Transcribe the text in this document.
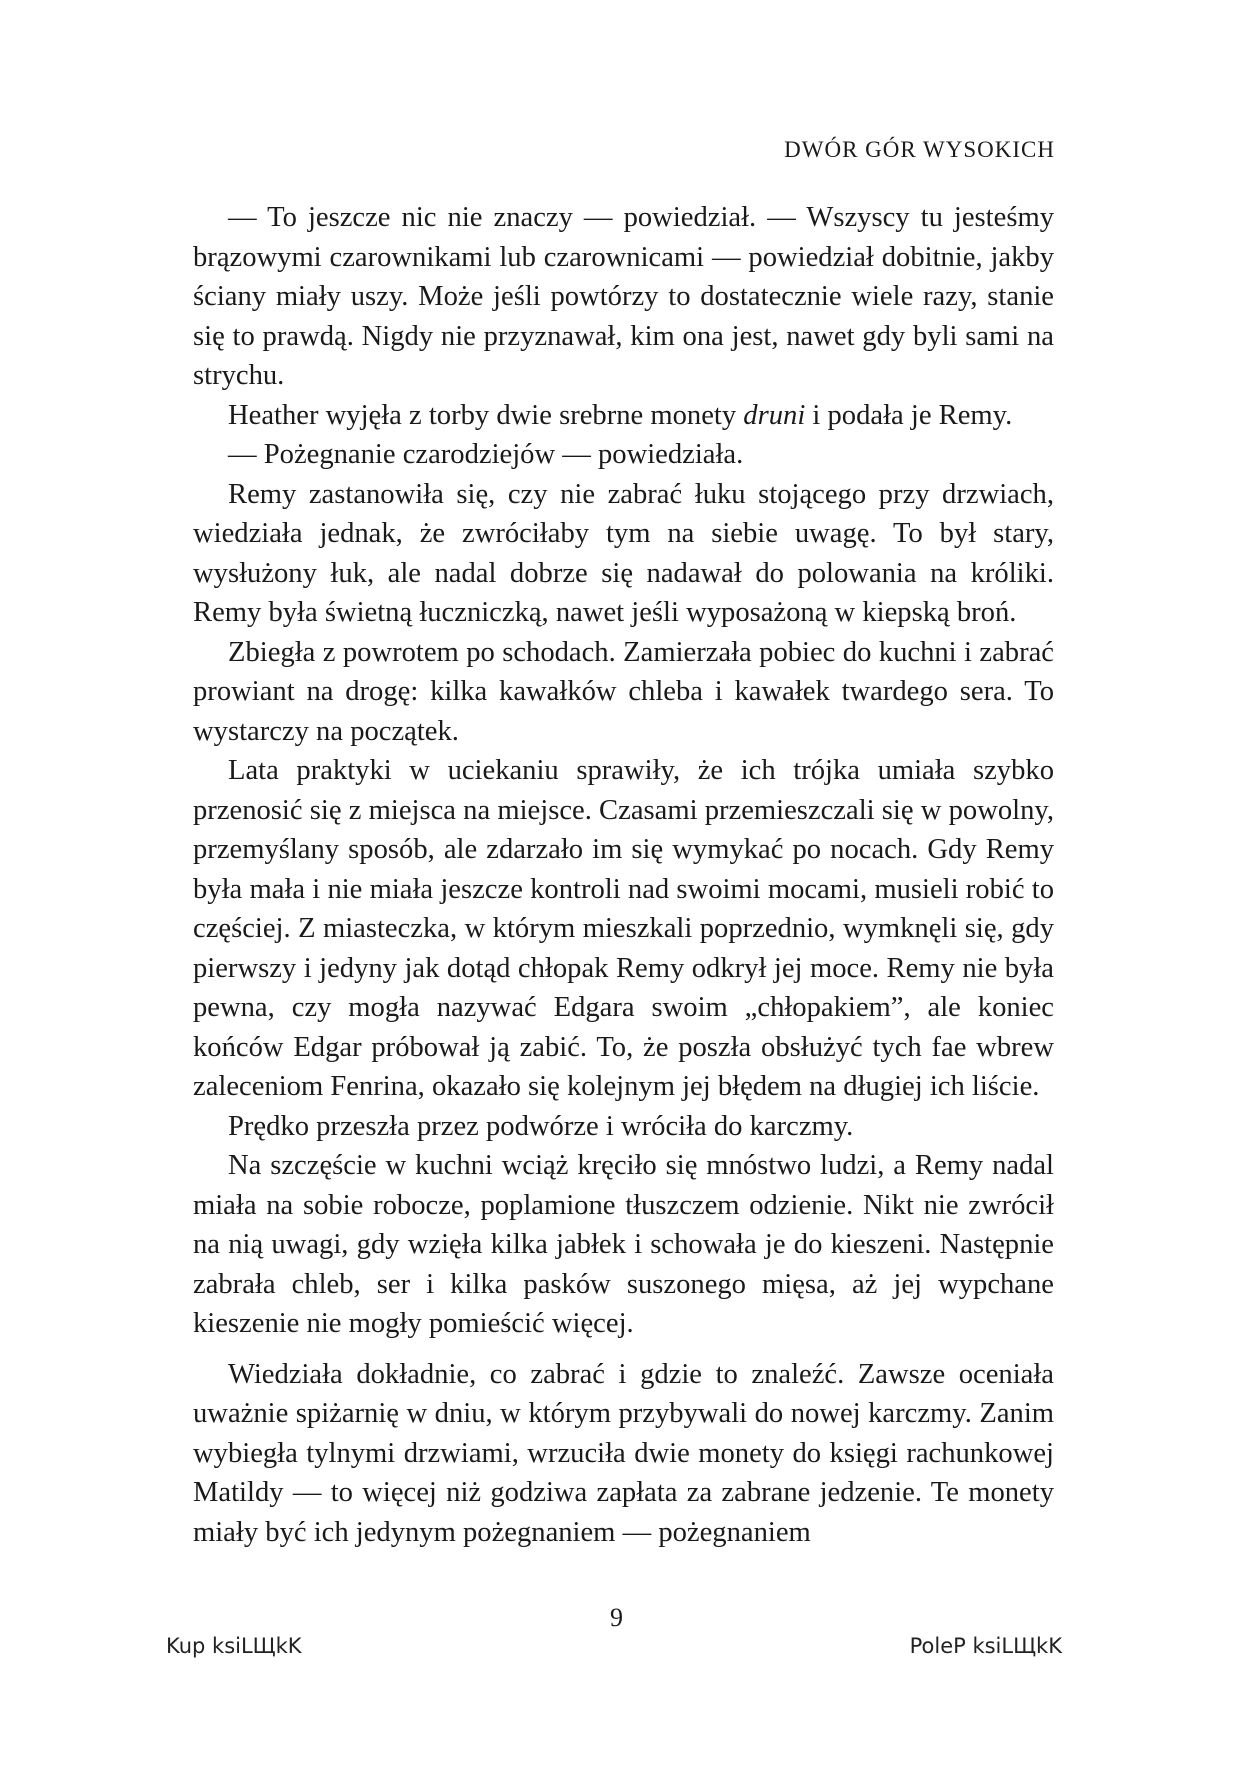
DWÓR GÓR WYSOKICH

— To jeszcze nic nie znaczy — powiedział. — Wszyscy tu jesteśmy brązowymi czarownikami lub czarownicami — powiedział dobitnie, jakby ściany miały uszy. Może jeśli powtórzy to dostatecznie wiele razy, stanie się to prawdą. Nigdy nie przyznawał, kim ona jest, nawet gdy byli sami na strychu.

Heather wyjęła z torby dwie srebrne monety druni i podała je Remy.

— Pożegnanie czarodziejów — powiedziała.

Remy zastanowiła się, czy nie zabrać łuku stojącego przy drzwiach, wiedziała jednak, że zwróciłaby tym na siebie uwagę. To był stary, wysłużony łuk, ale nadal dobrze się nadawał do polowania na króliki. Remy była świetną łuczniczką, nawet jeśli wyposażoną w kiepską broń.

Zbiegła z powrotem po schodach. Zamierzała pobiec do kuchni i zabrać prowiant na drogę: kilka kawałków chleba i kawałek twardego sera. To wystarczy na początek.

Lata praktyki w uciekaniu sprawiły, że ich trójka umiała szybko przenosić się z miejsca na miejsce. Czasami przemieszczali się w powolny, przemyślany sposób, ale zdarzało im się wymykać po nocach. Gdy Remy była mała i nie miała jeszcze kontroli nad swoimi mocami, musieli robić to częściej. Z miasteczka, w którym mieszkali poprzednio, wymknęli się, gdy pierwszy i jedyny jak dotąd chłopak Remy odkrył jej moce. Remy nie była pewna, czy mogła nazywać Edgara swoim „chłopakiem”, ale koniec końców Edgar próbował ją zabić. To, że poszła obsłużyć tych fae wbrew zaleceniom Fenrina, okazało się kolejnym jej błędem na długiej ich liście.

Prędko przeszła przez podwórze i wróciła do karczmy.

Na szczęście w kuchni wciąż kręciło się mnóstwo ludzi, a Remy nadal miała na sobie robocze, poplamione tłuszczem odzienie. Nikt nie zwrócił na nią uwagi, gdy wzięła kilka jabłek i schowała je do kieszeni. Następnie zabrała chleb, ser i kilka pasków suszonego mięsa, aż jej wypchane kieszenie nie mogły pomieścić więcej.

Wiedziała dokładnie, co zabrać i gdzie to znaleźć. Zawsze oceniała uważnie spiżarnię w dniu, w którym przybywali do nowej karczmy. Zanim wybiegła tylnymi drzwiami, wrzuciła dwie monety do księgi rachunkowej Matildy — to więcej niż godziwa zapłata za zabrane jedzenie. Te monety miały być ich jedynym pożegnaniem — pożegnaniem

9
Kup ksiLЩkK	PoleP ksiLЩkK
